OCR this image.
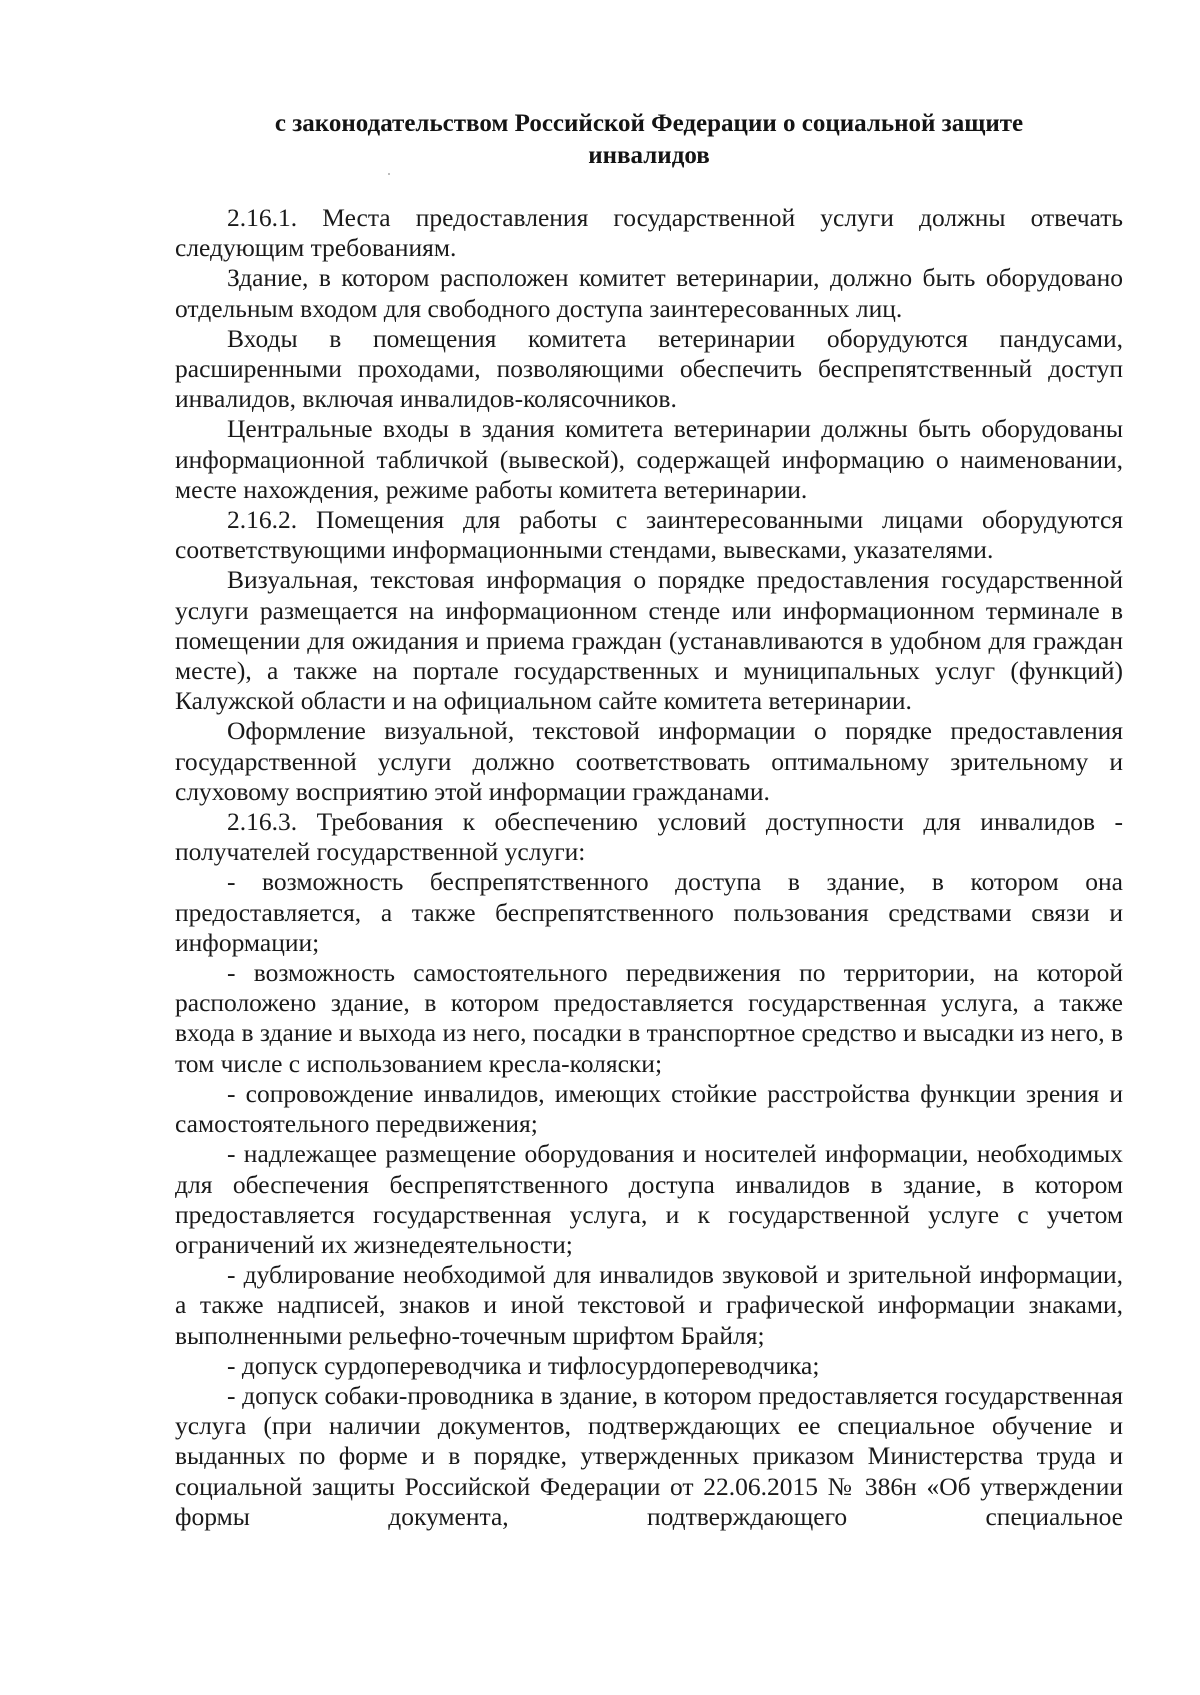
с законодательством Российской Федерации о социальной защите
инвалидов

2.16.1. Места предоставления государственной услуги должны отвечать следующим требованиям.

Здание, в котором расположен комитет ветеринарии, должно быть оборудовано отдельным входом для свободного доступа заинтересованных лиц.

Входы в помещения комитета ветеринарии оборудуются пандусами, расширенными проходами, позволяющими обеспечить беспрепятственный доступ инвалидов, включая инвалидов-колясочников.

Центральные входы в здания комитета ветеринарии должны быть оборудованы информационной табличкой (вывеской), содержащей информацию о наименовании, месте нахождения, режиме работы комитета ветеринарии.

2.16.2. Помещения для работы с заинтересованными лицами оборудуются соответствующими информационными стендами, вывесками, указателями.

Визуальная, текстовая информация о порядке предоставления государственной услуги размещается на информационном стенде или информационном терминале в помещении для ожидания и приема граждан (устанавливаются в удобном для граждан месте), а также на портале государственных и муниципальных услуг (функций) Калужской области и на официальном сайте комитета ветеринарии.

Оформление визуальной, текстовой информации о порядке предоставления государственной услуги должно соответствовать оптимальному зрительному и слуховому восприятию этой информации гражданами.

2.16.3. Требования к обеспечению условий доступности для инвалидов - получателей государственной услуги:

- возможность беспрепятственного доступа в здание, в котором она предоставляется, а также беспрепятственного пользования средствами связи и информации;

- возможность самостоятельного передвижения по территории, на которой расположено здание, в котором предоставляется государственная услуга, а также входа в здание и выхода из него, посадки в транспортное средство и высадки из него, в том числе с использованием кресла-коляски;

- сопровождение инвалидов, имеющих стойкие расстройства функции зрения и самостоятельного передвижения;

- надлежащее размещение оборудования и носителей информации, необходимых для обеспечения беспрепятственного доступа инвалидов в здание, в котором предоставляется государственная услуга, и к государственной услуге с учетом ограничений их жизнедеятельности;

- дублирование необходимой для инвалидов звуковой и зрительной информации, а также надписей, знаков и иной текстовой и графической информации знаками, выполненными рельефно-точечным шрифтом Брайля;

- допуск сурдопереводчика и тифлосурдопереводчика;

- допуск собаки-проводника в здание, в котором предоставляется государственная услуга (при наличии документов, подтверждающих ее специальное обучение и выданных по форме и в порядке, утвержденных приказом Министерства труда и социальной защиты Российской Федерации от 22.06.2015 № 386н «Об утверждении формы документа, подтверждающего специальное
